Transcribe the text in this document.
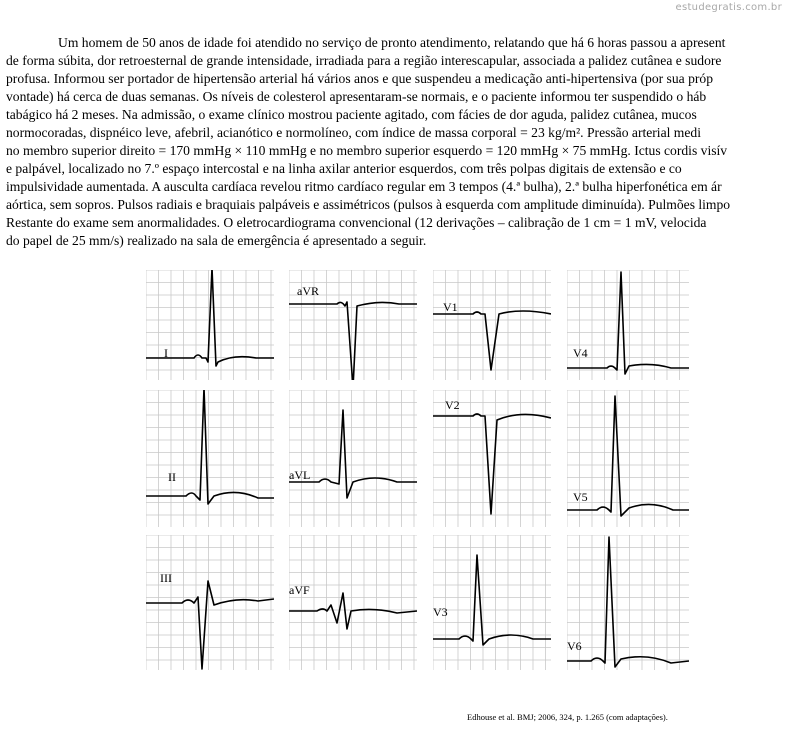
estudegratis.com.br
Um homem de 50 anos de idade foi atendido no serviço de pronto atendimento, relatando que há 6 horas passou a apresent
de forma súbita, dor retroesternal de grande intensidade, irradiada para a região interescapular, associada a palidez cutânea e sudore
profusa. Informou ser portador de hipertensão arterial há vários anos e que suspendeu a medicação anti-hipertensiva (por sua próp
vontade) há cerca de duas semanas. Os níveis de colesterol apresentaram-se normais, e o paciente informou ter suspendido o háb
tabágico há 2 meses. Na admissão, o exame clínico mostrou paciente agitado, com fácies de dor aguda, palidez cutânea, mucos
normocoradas, dispnéico leve, afebril, acianótico e normolíneo, com índice de massa corporal = 23 kg/m². Pressão arterial medi
no membro superior direito = 170 mmHg × 110 mmHg e no membro superior esquerdo = 120 mmHg × 75 mmHg. Ictus cordis visív
e palpável, localizado no 7.º espaço intercostal e na linha axilar anterior esquerdos, com três polpas digitais de extensão e co
impulsividade aumentada. A ausculta cardíaca revelou ritmo cardíaco regular em 3 tempos (4.ª bulha), 2.ª bulha hiperfonética em ár
aórtica, sem sopros. Pulsos radiais e braquiais palpáveis e assimétricos (pulsos à esquerda com amplitude diminuída). Pulmões limpo
Restante do exame sem anormalidades. O eletrocardiograma convencional (12 derivações – calibração de 1 cm = 1 mV, velocida
do papel de 25 mm/s) realizado na sala de emergência é apresentado a seguir.
I
aVR
V1
V4
II	aVL
V2
V5
III
aVF
V3
V6
Edhouse et al. BMJ; 2006, 324, p. 1.265 (com adaptações).
